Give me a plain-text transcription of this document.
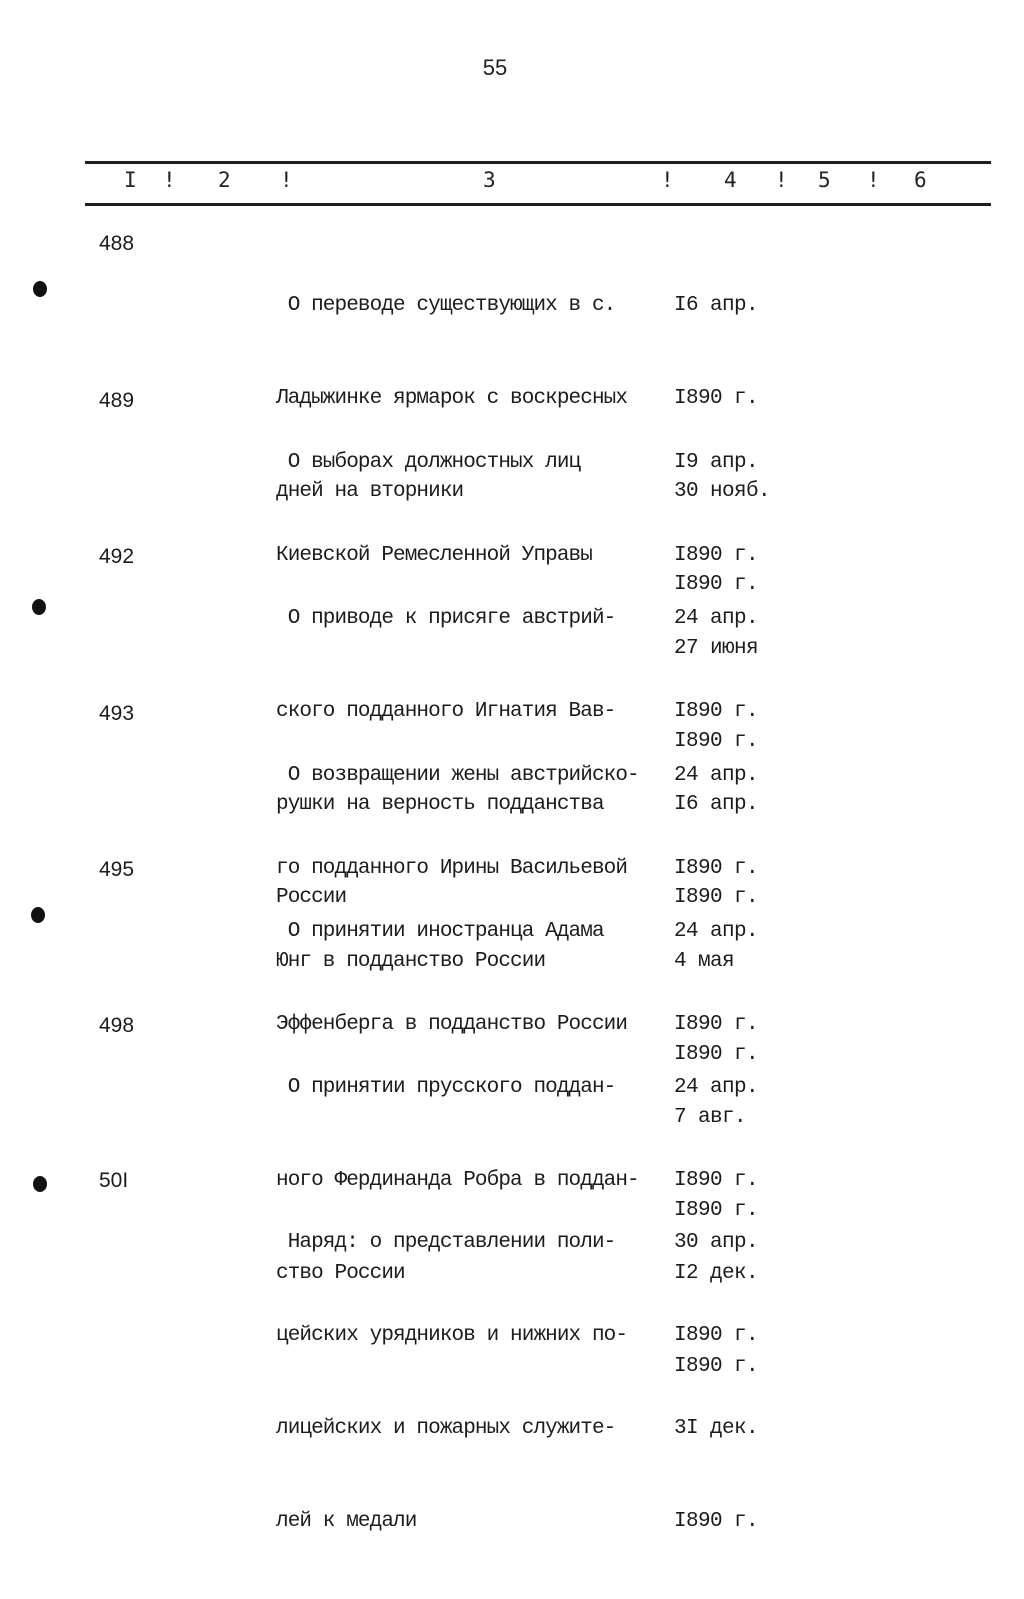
55
I ! 2 !	3	! 4 ! 5 ! 6
488

О переводе существующих в с.

Ладыжинке ярмарок с воскресных

дней на вторники

I6 апр.

I890 г.

30 нояб.

I890 г.

489

О выборах должностных лиц

Киевской Ремесленной Управы

I9 апр.

I890 г.

27 июня

I890 г.

492

О приводе к присяге австрий-

ского подданного Игнатия Вав-

рушки на верность подданства

России

24 апр.

I890 г.

I6 апр.

I890 г.

493

О возвращении жены австрийско-

го подданного Ирины Васильевой

Юнг в подданство России

24 апр.

I890 г.

4 мая

I890 г.

495

О принятии иностранца Адама

Эффенберга в подданство России

24 апр.

I890 г.

7 авг.

I890 г.

498

О принятии прусского поддан-

ного Фердинанда Робра в поддан-

ство России

24 апр.

I890 г.

I2 дек.

I890 г.

50I

Наряд: о представлении поли-

цейских урядников и нижних по-

лицейских и пожарных служите-

лей к медали

30 апр.

I890 г.

3I дек.

I890 г.
